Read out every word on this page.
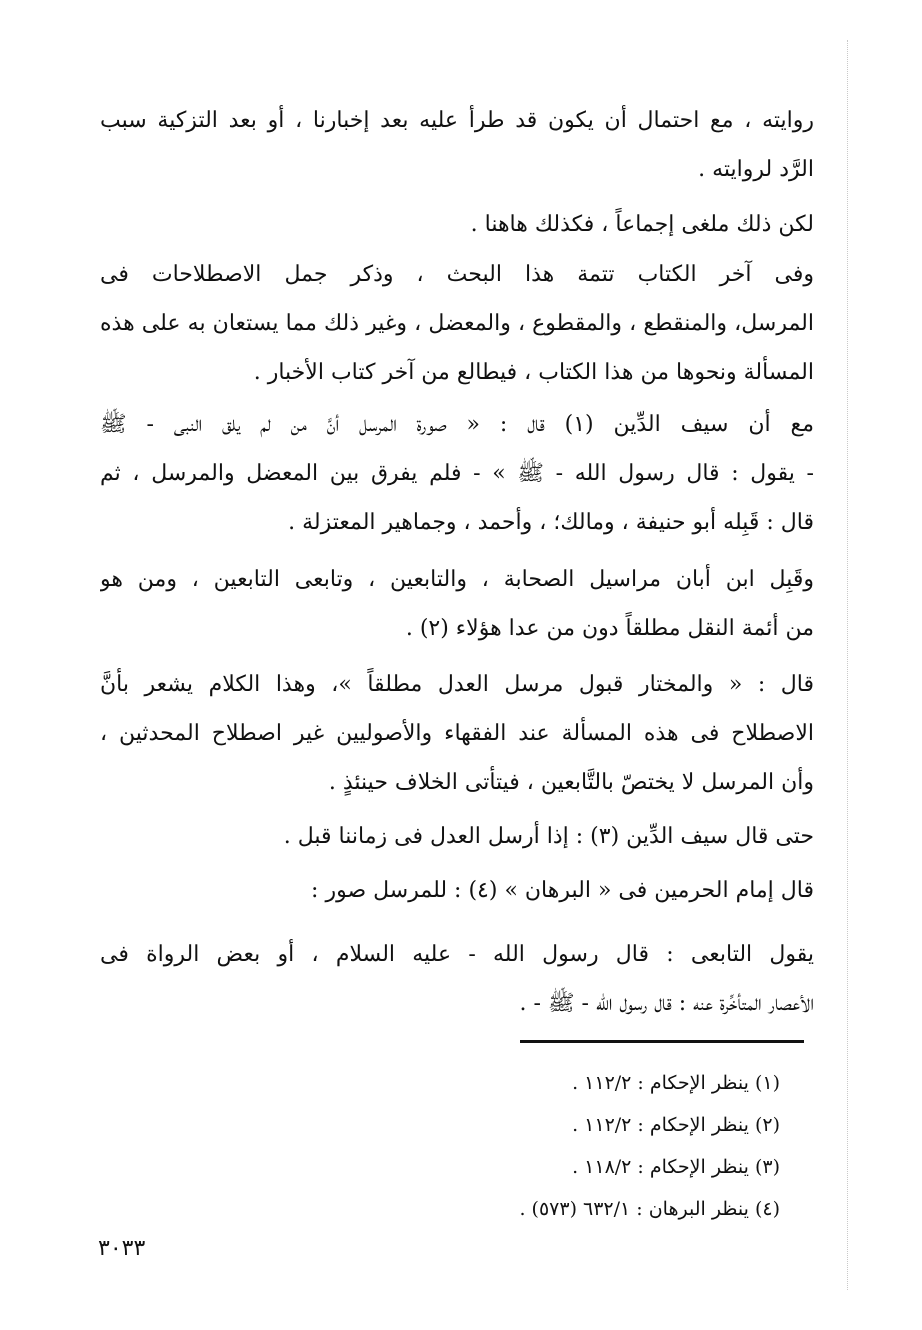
روايته ، مع احتمال أن يكون قد طرأ عليه بعد إخبارنا ، أو بعد التزكية سبب
الرَّد لروايته .
لكن ذلك ملغى إجماعاً ، فكذلك هاهنا .
وفى آخر الكتاب تتمة هذا البحث ، وذكر جمل الاصطلاحات فى
المرسل، والمنقطع ، والمقطوع ، والمعضل ، وغير ذلك مما يستعان به على هذه
المسألة ونحوها من هذا الكتاب ، فيطالع من آخر كتاب الأخبار .
مع أن سيف الدِّين (١) قال : « صورة المرسل أنَّ من لم يلق النبى - ﷺ
- يقول : قال رسول الله - ﷺ » - فلم يفرق بين المعضل والمرسل ، ثم
قال : قَبِله أبو حنيفة ، ومالك؛ ، وأحمد ، وجماهير المعتزلة .
وقَبِل ابن أبان مراسيل الصحابة ، والتابعين ، وتابعى التابعين ، ومن هو
من أئمة النقل مطلقاً دون من عدا هؤلاء (٢) .
قال : « والمختار قبول مرسل العدل مطلقاً »، وهذا الكلام يشعر بأنَّ
الاصطلاح فى هذه المسألة عند الفقهاء والأصوليين غير اصطلاح المحدثين ،
وأن المرسل لا يختصّ بالتَّابعين ، فيتأتى الخلاف حينئذٍ .
حتى قال سيف الدِّين (٣) : إذا أرسل العدل فى زماننا قبل .
قال إمام الحرمين فى « البرهان » (٤) : للمرسل صور :
يقول التابعى : قال رسول الله - عليه السلام ، أو بعض الرواة فى
الأعصار المتأخِّرة عنه : قال رسول الله - ﷺ - .
(١) ينظر الإحكام : ١١٢/٢ .
(٢) ينظر الإحكام : ١١٢/٢ .
(٣) ينظر الإحكام : ١١٨/٢ .
(٤) ينظر البرهان : ٦٣٢/١ (٥٧٣) .
٣٠٣٣
